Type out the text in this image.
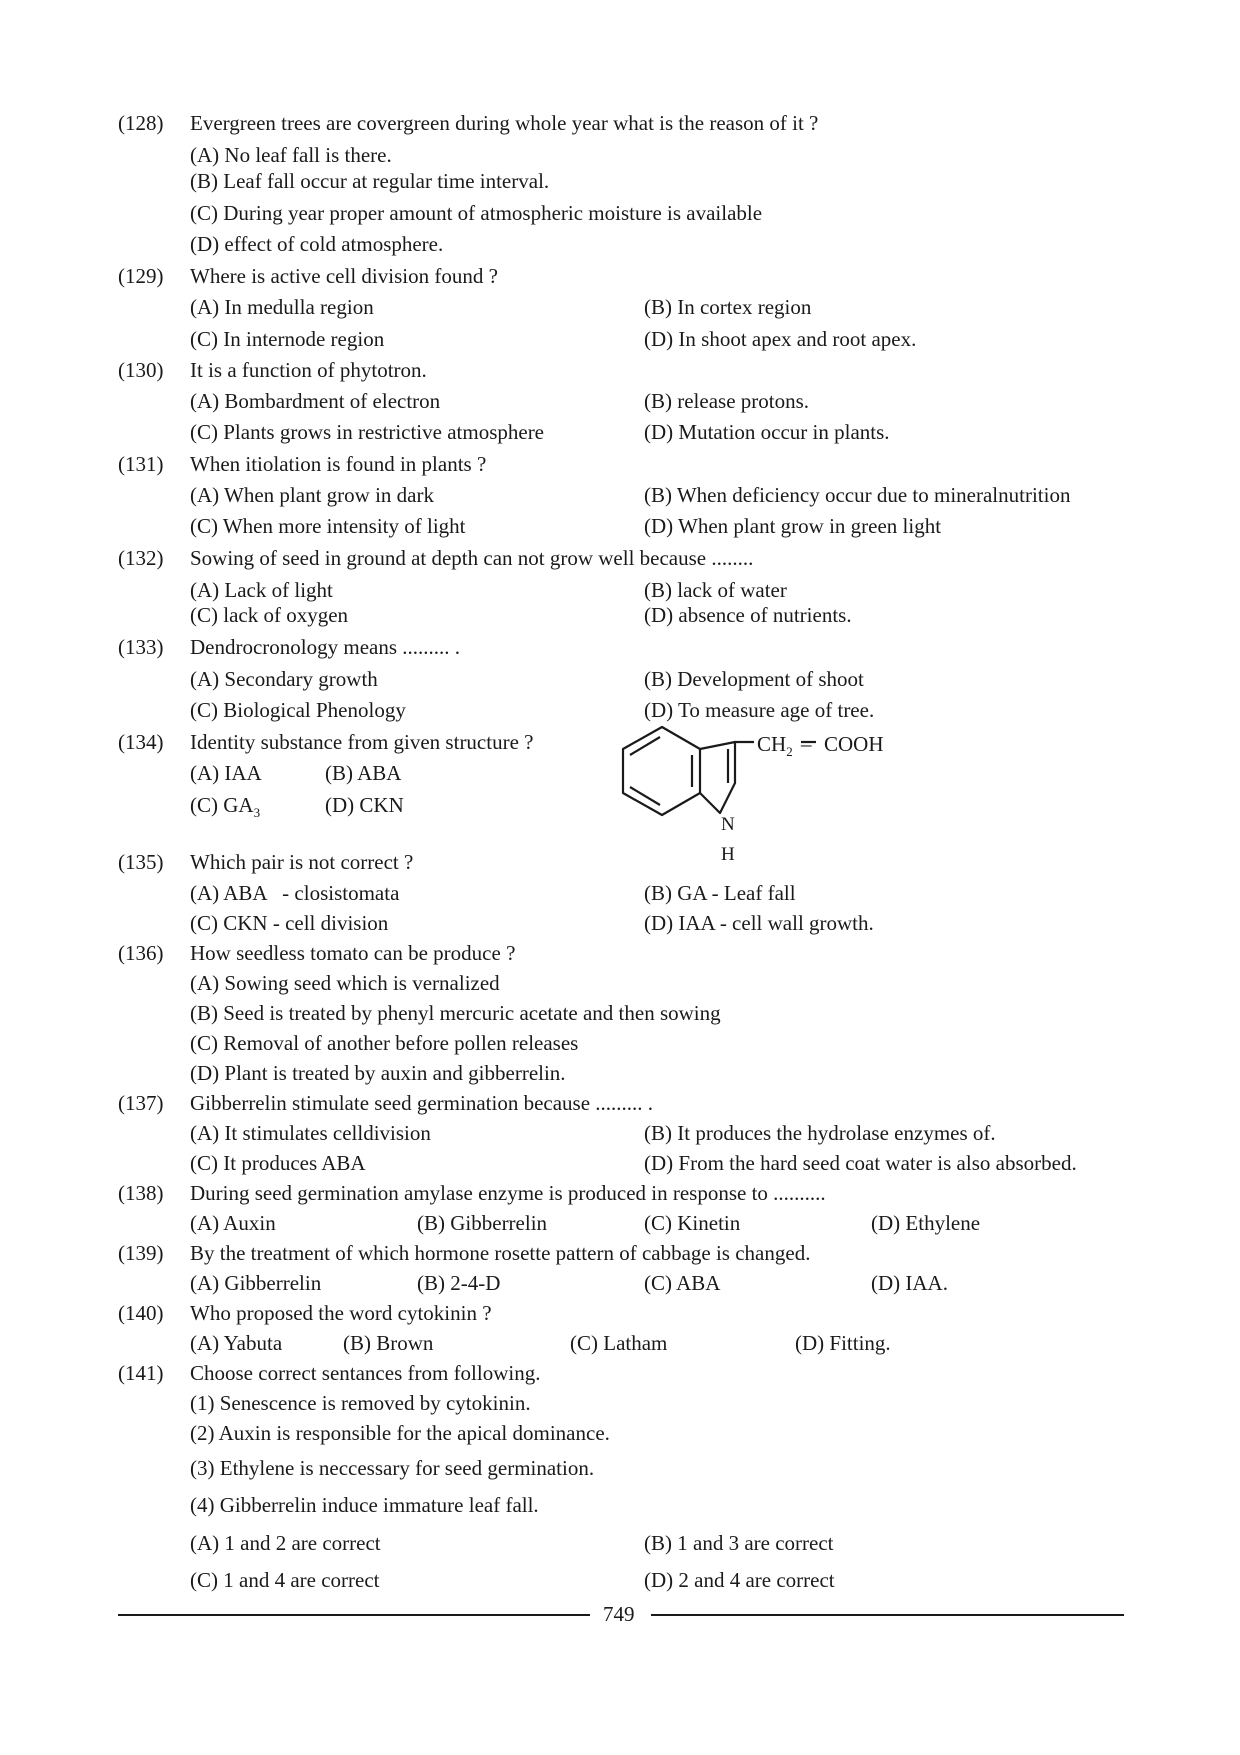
(128) Evergreen trees are covergreen during whole year what is the reason of it ?
(A) No leaf fall is there.
(B) Leaf fall occur at regular time interval.
(C) During year proper amount of atmospheric moisture is available
(D) effect of cold atmosphere.
(129) Where is active cell division found ?
(A) In medulla region	(B) In cortex region
(C) In internode region	(D) In shoot apex and root apex.
(130) It is a function of phytotron.
(A) Bombardment of electron	(B) release protons.
(C) Plants grows in restrictive atmosphere	(D) Mutation occur in plants.
(131) When itiolation is found in plants ?
(A) When plant grow in dark	(B) When deficiency occur due to mineralnutrition
(C) When more intensity of light	(D) When plant grow in green light
(132) Sowing of seed in ground at depth can not grow well because ........
(A) Lack of light	(B) lack of water
(C) lack of oxygen	(D) absence of nutrients.
(133) Dendrocronology means ......... .
(A) Secondary growth	(B) Development of shoot
(C) Biological Phenology	(D) To measure age of tree.
(134) Identity substance from given structure ?
(A) IAA	(B) ABA
(C) $GA_3$	(D) CKN
$CH_2$ – COOH
N
H
(135) Which pair is not correct ?
(A) ABA   - closistomata	(B) GA - Leaf fall
(C) CKN - cell division	(D) IAA - cell wall growth.
(136) How seedless tomato can be produce ?
(A) Sowing seed which is vernalized
(B) Seed is treated by phenyl mercuric acetate and then sowing
(C) Removal of another before pollen releases
(D) Plant is treated by auxin and gibberrelin.
(137) Gibberrelin stimulate seed germination because ......... .
(A) It stimulates celldivision	(B) It produces the hydrolase enzymes of.
(C) It produces ABA	(D) From the hard seed coat water is also absorbed.
(138) During seed germination amylase enzyme is produced in response to ..........
(A) Auxin	(B) Gibberrelin	(C) Kinetin	(D) Ethylene
(139) By the treatment of which hormone rosette pattern of cabbage is changed.
(A) Gibberrelin	(B) 2-4-D	(C) ABA	(D) IAA.
(140) Who proposed the word cytokinin ?
(A) Yabuta	(B) Brown	(C) Latham	(D) Fitting.
(141) Choose correct sentances from following.
(1) Senescence is removed by cytokinin.
(2) Auxin is responsible for the apical dominance.
(3) Ethylene is neccessary for seed germination.
(4) Gibberrelin induce immature leaf fall.
(A) 1 and 2 are correct	(B) 1 and 3 are correct
(C) 1 and 4 are correct	(D) 2 and 4 are correct
749
